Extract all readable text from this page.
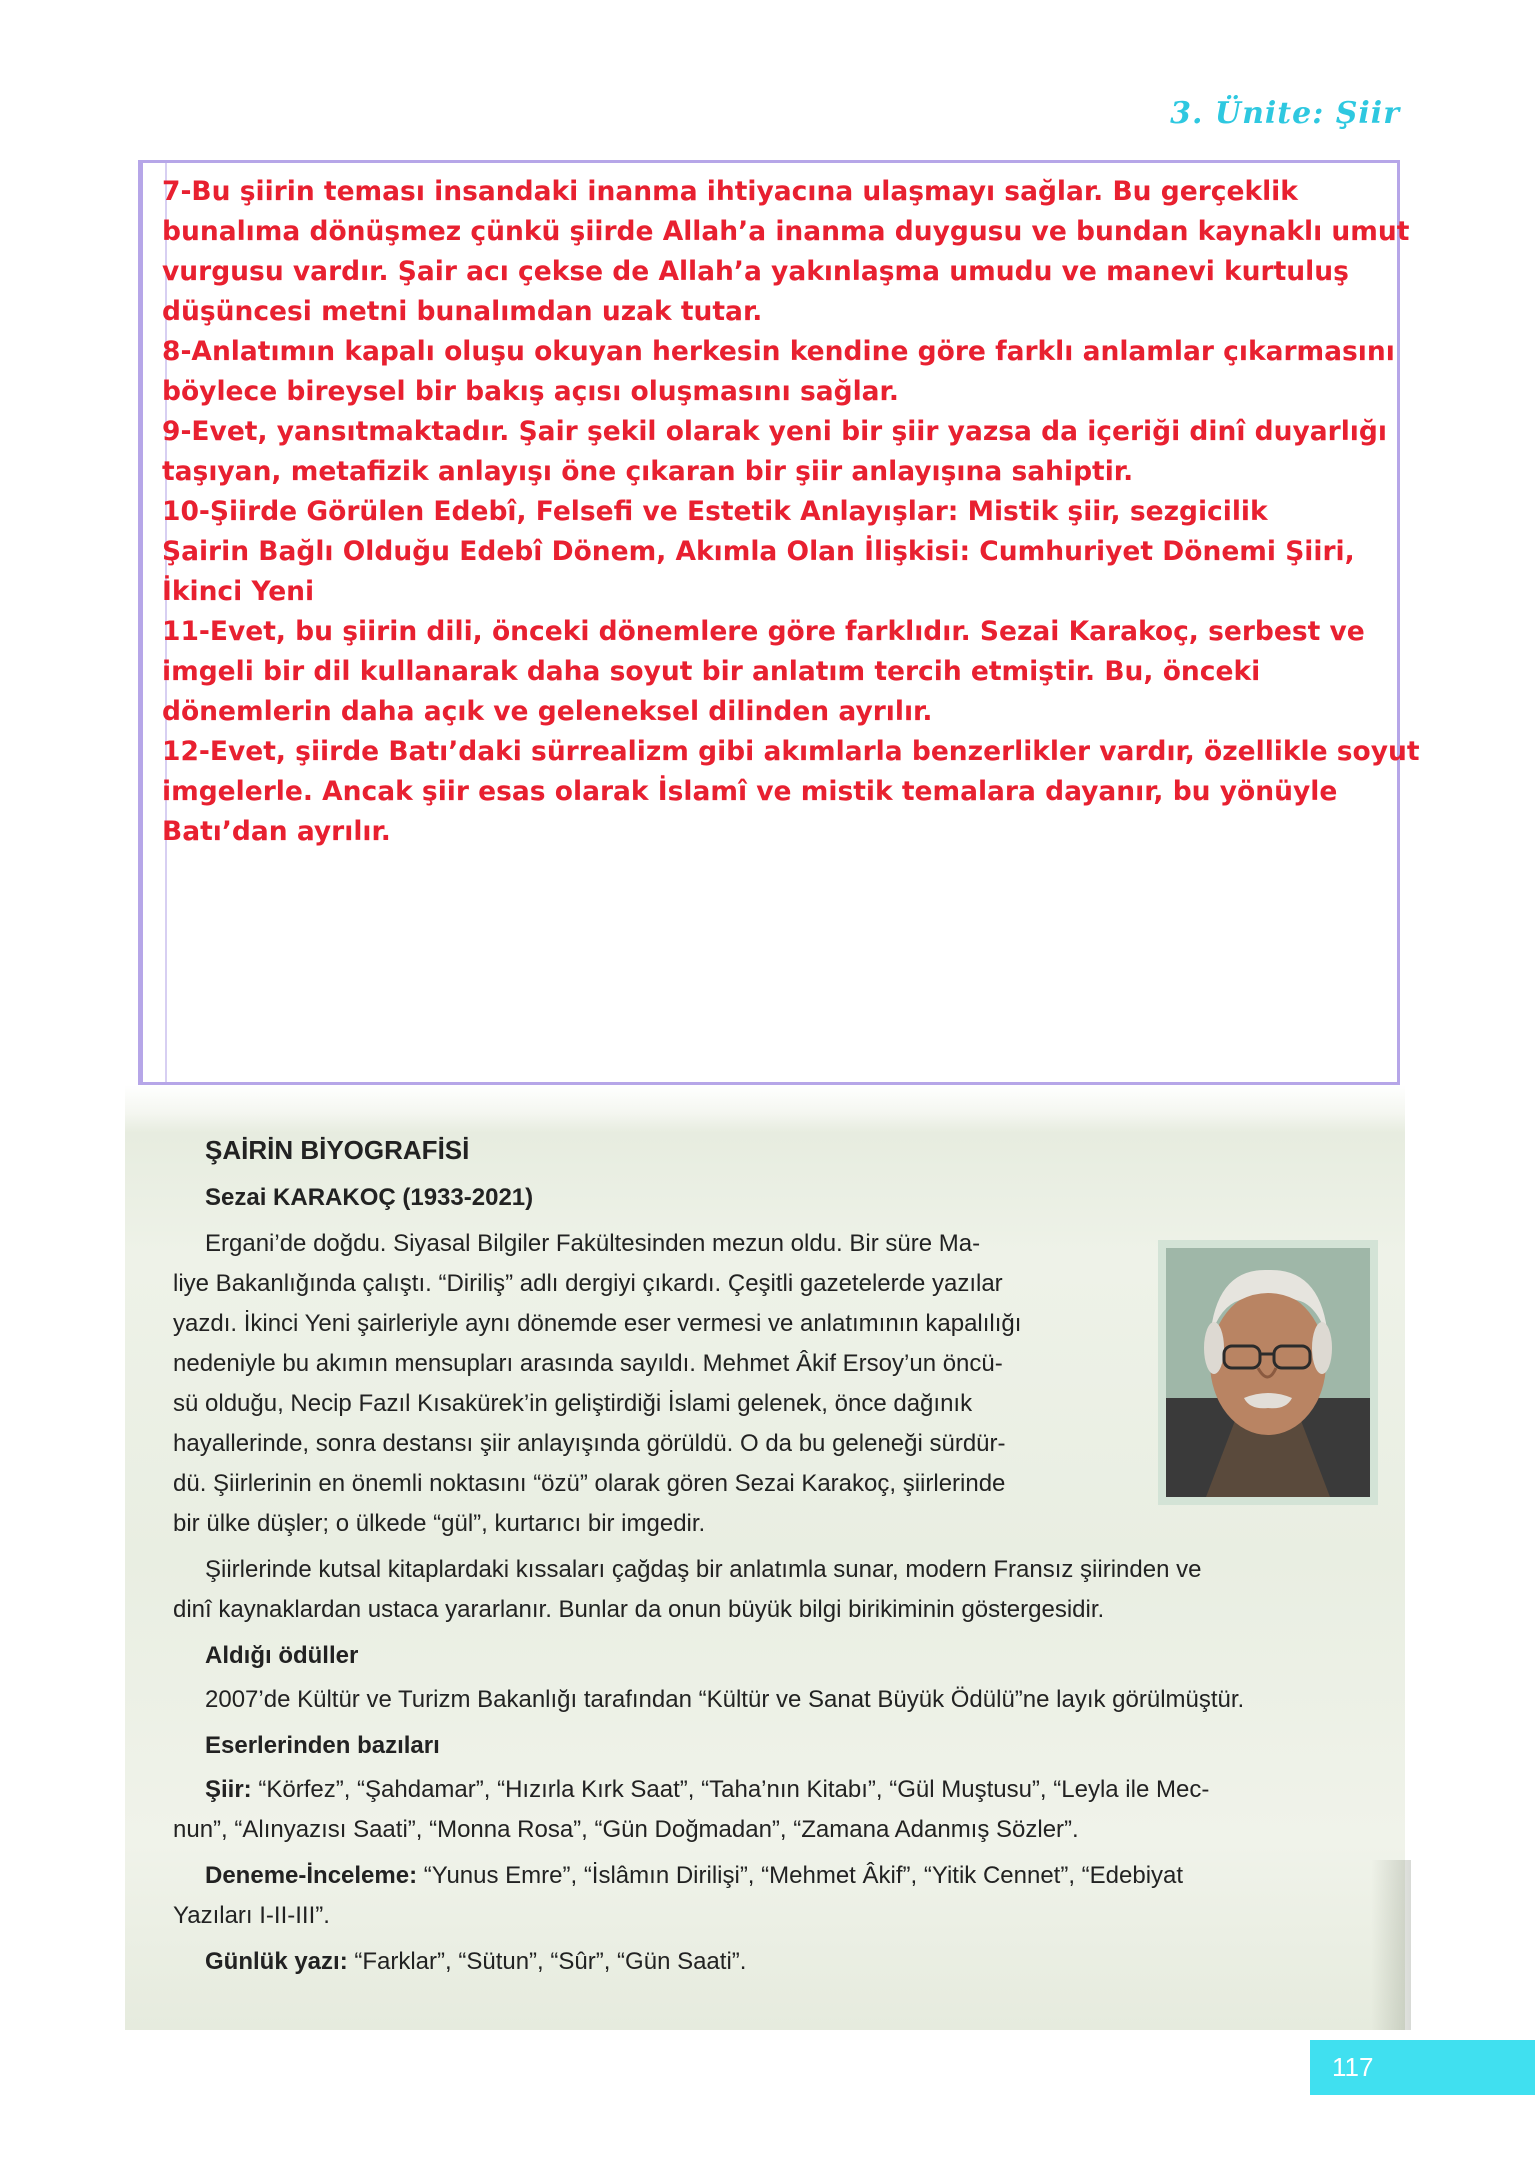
3. Ünite: Şiir

7-Bu şiirin teması insandaki inanma ihtiyacına ulaşmayı sağlar. Bu gerçeklik

bunalıma dönüşmez çünkü şiirde Allah’a inanma duygusu ve bundan kaynaklı umut

vurgusu vardır. Şair acı çekse de Allah’a yakınlaşma umudu ve manevi kurtuluş

düşüncesi metni bunalımdan uzak tutar.

8-Anlatımın kapalı oluşu okuyan herkesin kendine göre farklı anlamlar çıkarmasını

böylece bireysel bir bakış açısı oluşmasını sağlar.

9-Evet, yansıtmaktadır. Şair şekil olarak yeni bir şiir yazsa da içeriği dinî duyarlığı

taşıyan, metafizik anlayışı öne çıkaran bir şiir anlayışına sahiptir.

10-Şiirde Görülen Edebî, Felsefi ve Estetik Anlayışlar: Mistik şiir, sezgicilik

Şairin Bağlı Olduğu Edebî Dönem, Akımla Olan İlişkisi: Cumhuriyet Dönemi Şiiri,

İkinci Yeni

11-Evet, bu şiirin dili, önceki dönemlere göre farklıdır. Sezai Karakoç, serbest ve

imgeli bir dil kullanarak daha soyut bir anlatım tercih etmiştir. Bu, önceki

dönemlerin daha açık ve geleneksel dilinden ayrılır.

12-Evet, şiirde Batı’daki sürrealizm gibi akımlarla benzerlikler vardır, özellikle soyut

imgelerle. Ancak şiir esas olarak İslamî ve mistik temalara dayanır, bu yönüyle

Batı’dan ayrılır.

ŞAİRİN BİYOGRAFİSİ

Sezai KARAKOÇ (1933-2021)

Ergani’de doğdu. Siyasal Bilgiler Fakültesinden mezun oldu. Bir süre Ma-
liye Bakanlığında çalıştı. “Diriliş” adlı dergiyi çıkardı. Çeşitli gazetelerde yazılar
yazdı. İkinci Yeni şairleriyle aynı dönemde eser vermesi ve anlatımının kapalılığı
nedeniyle bu akımın mensupları arasında sayıldı. Mehmet Âkif Ersoy’un öncü-
sü olduğu, Necip Fazıl Kısakürek’in geliştirdiği İslami gelenek, önce dağınık
hayallerinde, sonra destansı şiir anlayışında görüldü. O da bu geleneği sürdür-
dü. Şiirlerinin en önemli noktasını “özü” olarak gören Sezai Karakoç, şiirlerinde
bir ülke düşler; o ülkede “gül”, kurtarıcı bir imgedir.
Şiirlerinde kutsal kitaplardaki kıssaları çağdaş bir anlatımla sunar, modern Fransız şiirinden ve
dinî kaynaklardan ustaca yararlanır. Bunlar da onun büyük bilgi birikiminin göstergesidir.

Aldığı ödüller

2007’de Kültür ve Turizm Bakanlığı tarafından “Kültür ve Sanat Büyük Ödülü”ne layık görülmüştür.

Eserlerinden bazıları

Şiir: “Körfez”, “Şahdamar”, “Hızırla Kırk Saat”, “Taha’nın Kitabı”, “Gül Muştusu”, “Leyla ile Mec-
nun”, “Alınyazısı Saati”, “Monna Rosa”, “Gün Doğmadan”, “Zamana Adanmış Sözler”.
Deneme-İnceleme: “Yunus Emre”, “İslâmın Dirilişi”, “Mehmet Âkif”, “Yitik Cennet”, “Edebiyat
Yazıları I-II-III”.
Günlük yazı: “Farklar”, “Sütun”, “Sûr”, “Gün Saati”.
117
